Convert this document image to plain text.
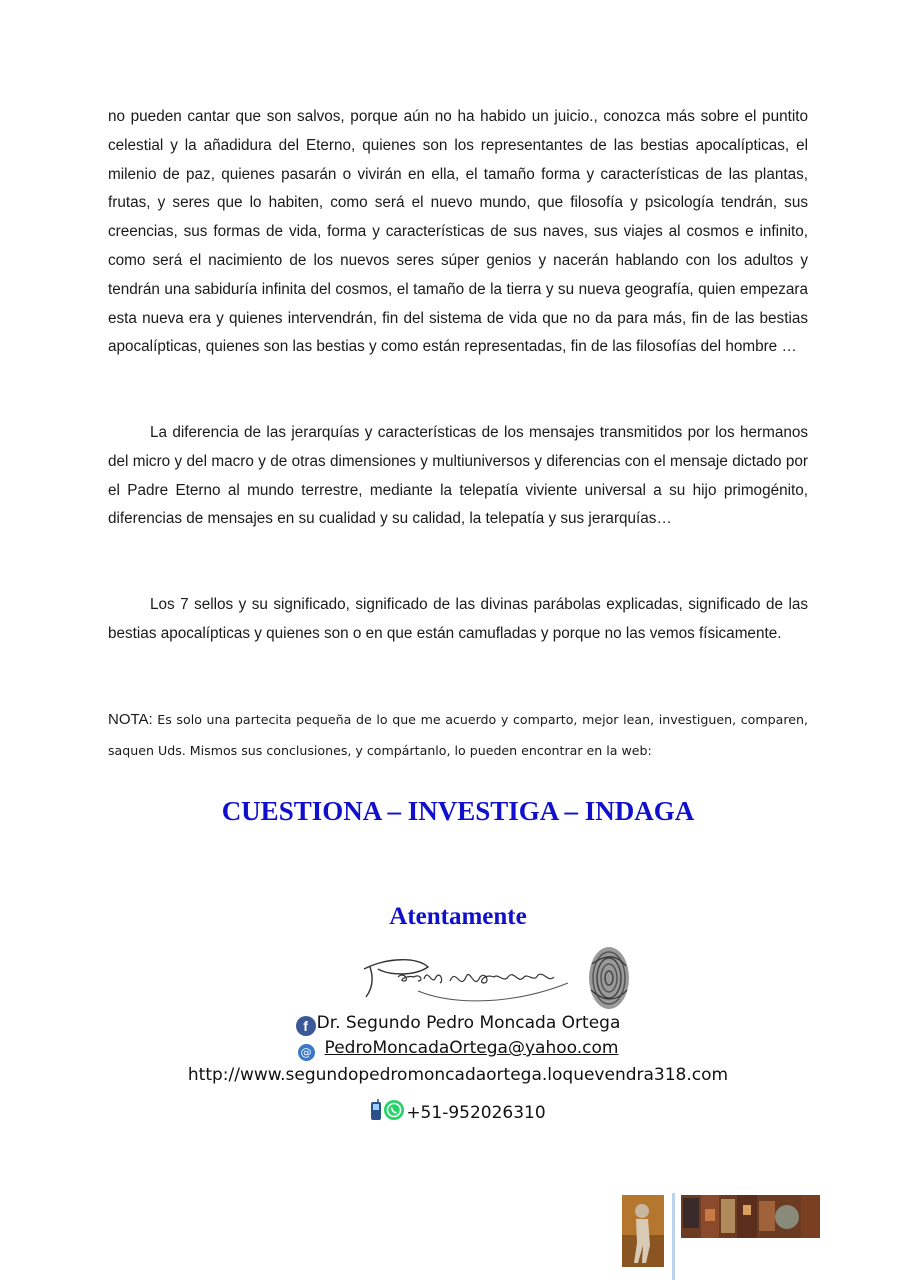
no pueden cantar que son salvos, porque aún no ha habido un juicio., conozca más sobre el puntito celestial y la añadidura del Eterno, quienes son los representantes de las bestias apocalípticas, el milenio de paz, quienes pasarán o vivirán en ella, el tamaño forma y características de las plantas, frutas, y seres que lo habiten, como será el nuevo mundo, que filosofía y psicología tendrán, sus creencias, sus formas de vida, forma y características de sus naves, sus viajes al cosmos e infinito, como será el nacimiento de los nuevos seres súper genios y nacerán hablando con los adultos y tendrán una sabiduría infinita del cosmos, el tamaño de la tierra y su nueva geografía, quien empezara esta nueva era y quienes intervendrán, fin del sistema de vida que no da para más, fin de las bestias apocalípticas, quienes son las bestias y como están representadas, fin de las filosofías del hombre …

La diferencia de las jerarquías y características de los mensajes transmitidos por los hermanos del micro y del macro y de otras dimensiones y multiuniversos y diferencias con el mensaje dictado por el Padre Eterno al mundo terrestre, mediante la telepatía viviente universal a su hijo primogénito, diferencias de mensajes en su cualidad y su calidad, la telepatía y sus jerarquías…

Los 7 sellos y su significado, significado de las divinas parábolas explicadas, significado de las bestias apocalípticas y quienes son o en que están camufladas y porque no las vemos físicamente.

NOTA: Es solo una partecita pequeña de lo que me acuerdo y comparto, mejor lean, investiguen, comparen, saquen Uds. Mismos sus conclusiones, y compártanlo, lo pueden encontrar en la web:

CUESTIONA – INVESTIGA – INDAGA
Atentamente
f Dr. Segundo Pedro Moncada Ortega
@ PedroMoncadaOrtega@yahoo.com
http://www.segundopedromoncadaortega.loquevendra318.com
+51-952026310
